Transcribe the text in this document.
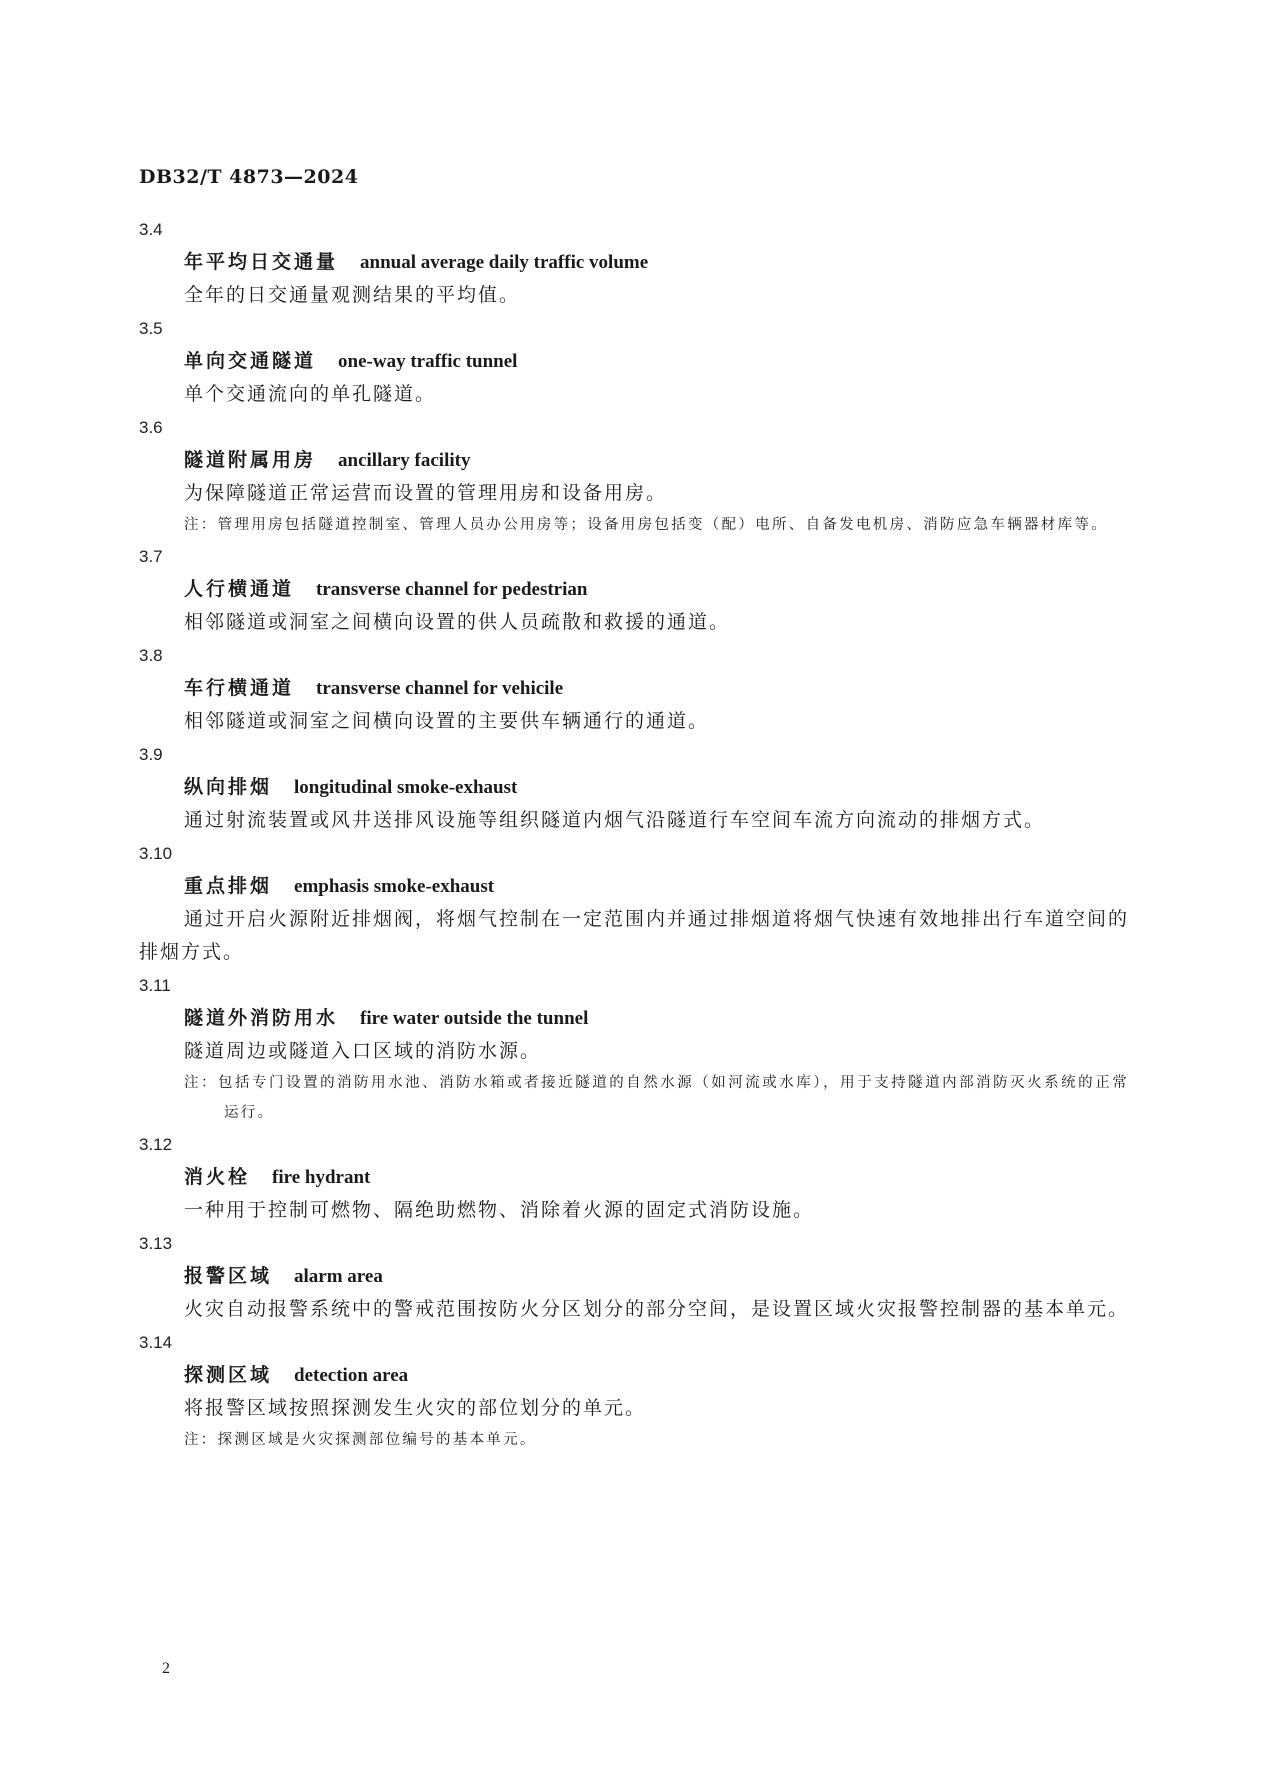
DB32/T 4873—2024
3.4
年平均日交通量 annual average daily traffic volume
全年的日交通量观测结果的平均值。
3.5
单向交通隧道 one-way traffic tunnel
单个交通流向的单孔隧道。
3.6
隧道附属用房 ancillary facility
为保障隧道正常运营而设置的管理用房和设备用房。
注：管理用房包括隧道控制室、管理人员办公用房等；设备用房包括变（配）电所、自备发电机房、消防应急车辆器材库等。
3.7
人行横通道 transverse channel for pedestrian
相邻隧道或洞室之间横向设置的供人员疏散和救援的通道。
3.8
车行横通道 transverse channel for vehicile
相邻隧道或洞室之间横向设置的主要供车辆通行的通道。
3.9
纵向排烟 longitudinal smoke-exhaust
通过射流装置或风井送排风设施等组织隧道内烟气沿隧道行车空间车流方向流动的排烟方式。
3.10
重点排烟 emphasis smoke-exhaust
通过开启火源附近排烟阀，将烟气控制在一定范围内并通过排烟道将烟气快速有效地排出行车道空间的排烟方式。
3.11
隧道外消防用水 fire water outside the tunnel
隧道周边或隧道入口区域的消防水源。
注：包括专门设置的消防用水池、消防水箱或者接近隧道的自然水源（如河流或水库），用于支持隧道内部消防灭火系统的正常运行。
3.12
消火栓 fire hydrant
一种用于控制可燃物、隔绝助燃物、消除着火源的固定式消防设施。
3.13
报警区域 alarm area
火灾自动报警系统中的警戒范围按防火分区划分的部分空间，是设置区域火灾报警控制器的基本单元。
3.14
探测区域 detection area
将报警区域按照探测发生火灾的部位划分的单元。
注：探测区域是火灾探测部位编号的基本单元。
2
